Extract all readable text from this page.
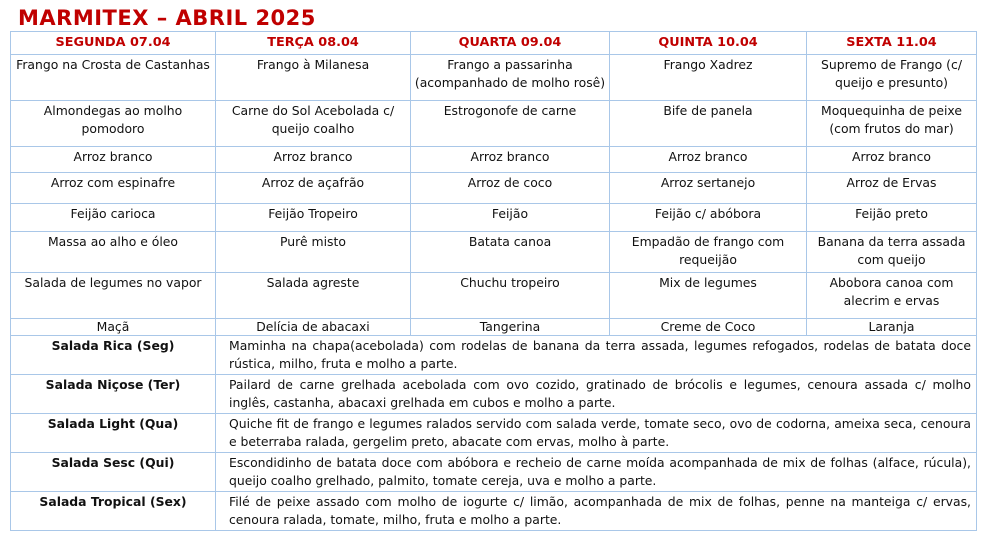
MARMITEX – ABRIL 2025
SEGUNDA 07.04	TERÇA 08.04	QUARTA 09.04	QUINTA 10.04	SEXTA 11.04
Frango na Crosta de Castanhas	Frango à Milanesa	Frango a passarinha (acompanhado de molho rosê)	Frango Xadrez	Supremo de Frango (c/ queijo e presunto)
Almondegas ao molho pomodoro	Carne do Sol Acebolada c/ queijo coalho	Estrogonofe de carne	Bife de panela	Moquequinha de peixe (com frutos do mar)
Arroz branco	Arroz branco	Arroz branco	Arroz branco	Arroz branco
Arroz com espinafre	Arroz de açafrão	Arroz de coco	Arroz sertanejo	Arroz de Ervas
Feijão carioca	Feijão Tropeiro	Feijão	Feijão c/ abóbora	Feijão preto
Massa ao alho e óleo	Purê misto	Batata canoa	Empadão de frango com requeijão	Banana da terra assada com queijo
Salada de legumes no vapor	Salada agreste	Chuchu tropeiro	Mix de legumes	Abobora canoa com alecrim e ervas
Maçã	Delícia de abacaxi	Tangerina	Creme de Coco	Laranja
Salada Rica (Seg)	Maminha na chapa(acebolada) com rodelas de banana da terra assada, legumes refogados, rodelas de batata doce rústica, milho, fruta e molho a parte.			
Salada Niçose (Ter)	Pailard de carne grelhada acebolada com ovo cozido, gratinado de brócolis e legumes, cenoura assada c/ molho inglês, castanha, abacaxi grelhada em cubos e molho a parte.			
Salada Light (Qua)	Quiche fit de frango e legumes ralados servido com salada verde, tomate seco, ovo de codorna, ameixa seca, cenoura e beterraba ralada, gergelim preto, abacate com ervas, molho à parte.			
Salada Sesc (Qui)	Escondidinho de batata doce com abóbora e recheio de carne moída acompanhada de mix de folhas (alface, rúcula), queijo coalho grelhado, palmito, tomate cereja, uva e molho a parte.			
Salada Tropical (Sex)	Filé de peixe assado com molho de iogurte c/ limão, acompanhada de mix de folhas, penne na manteiga c/ ervas, cenoura ralada, tomate, milho, fruta e molho a parte.			
